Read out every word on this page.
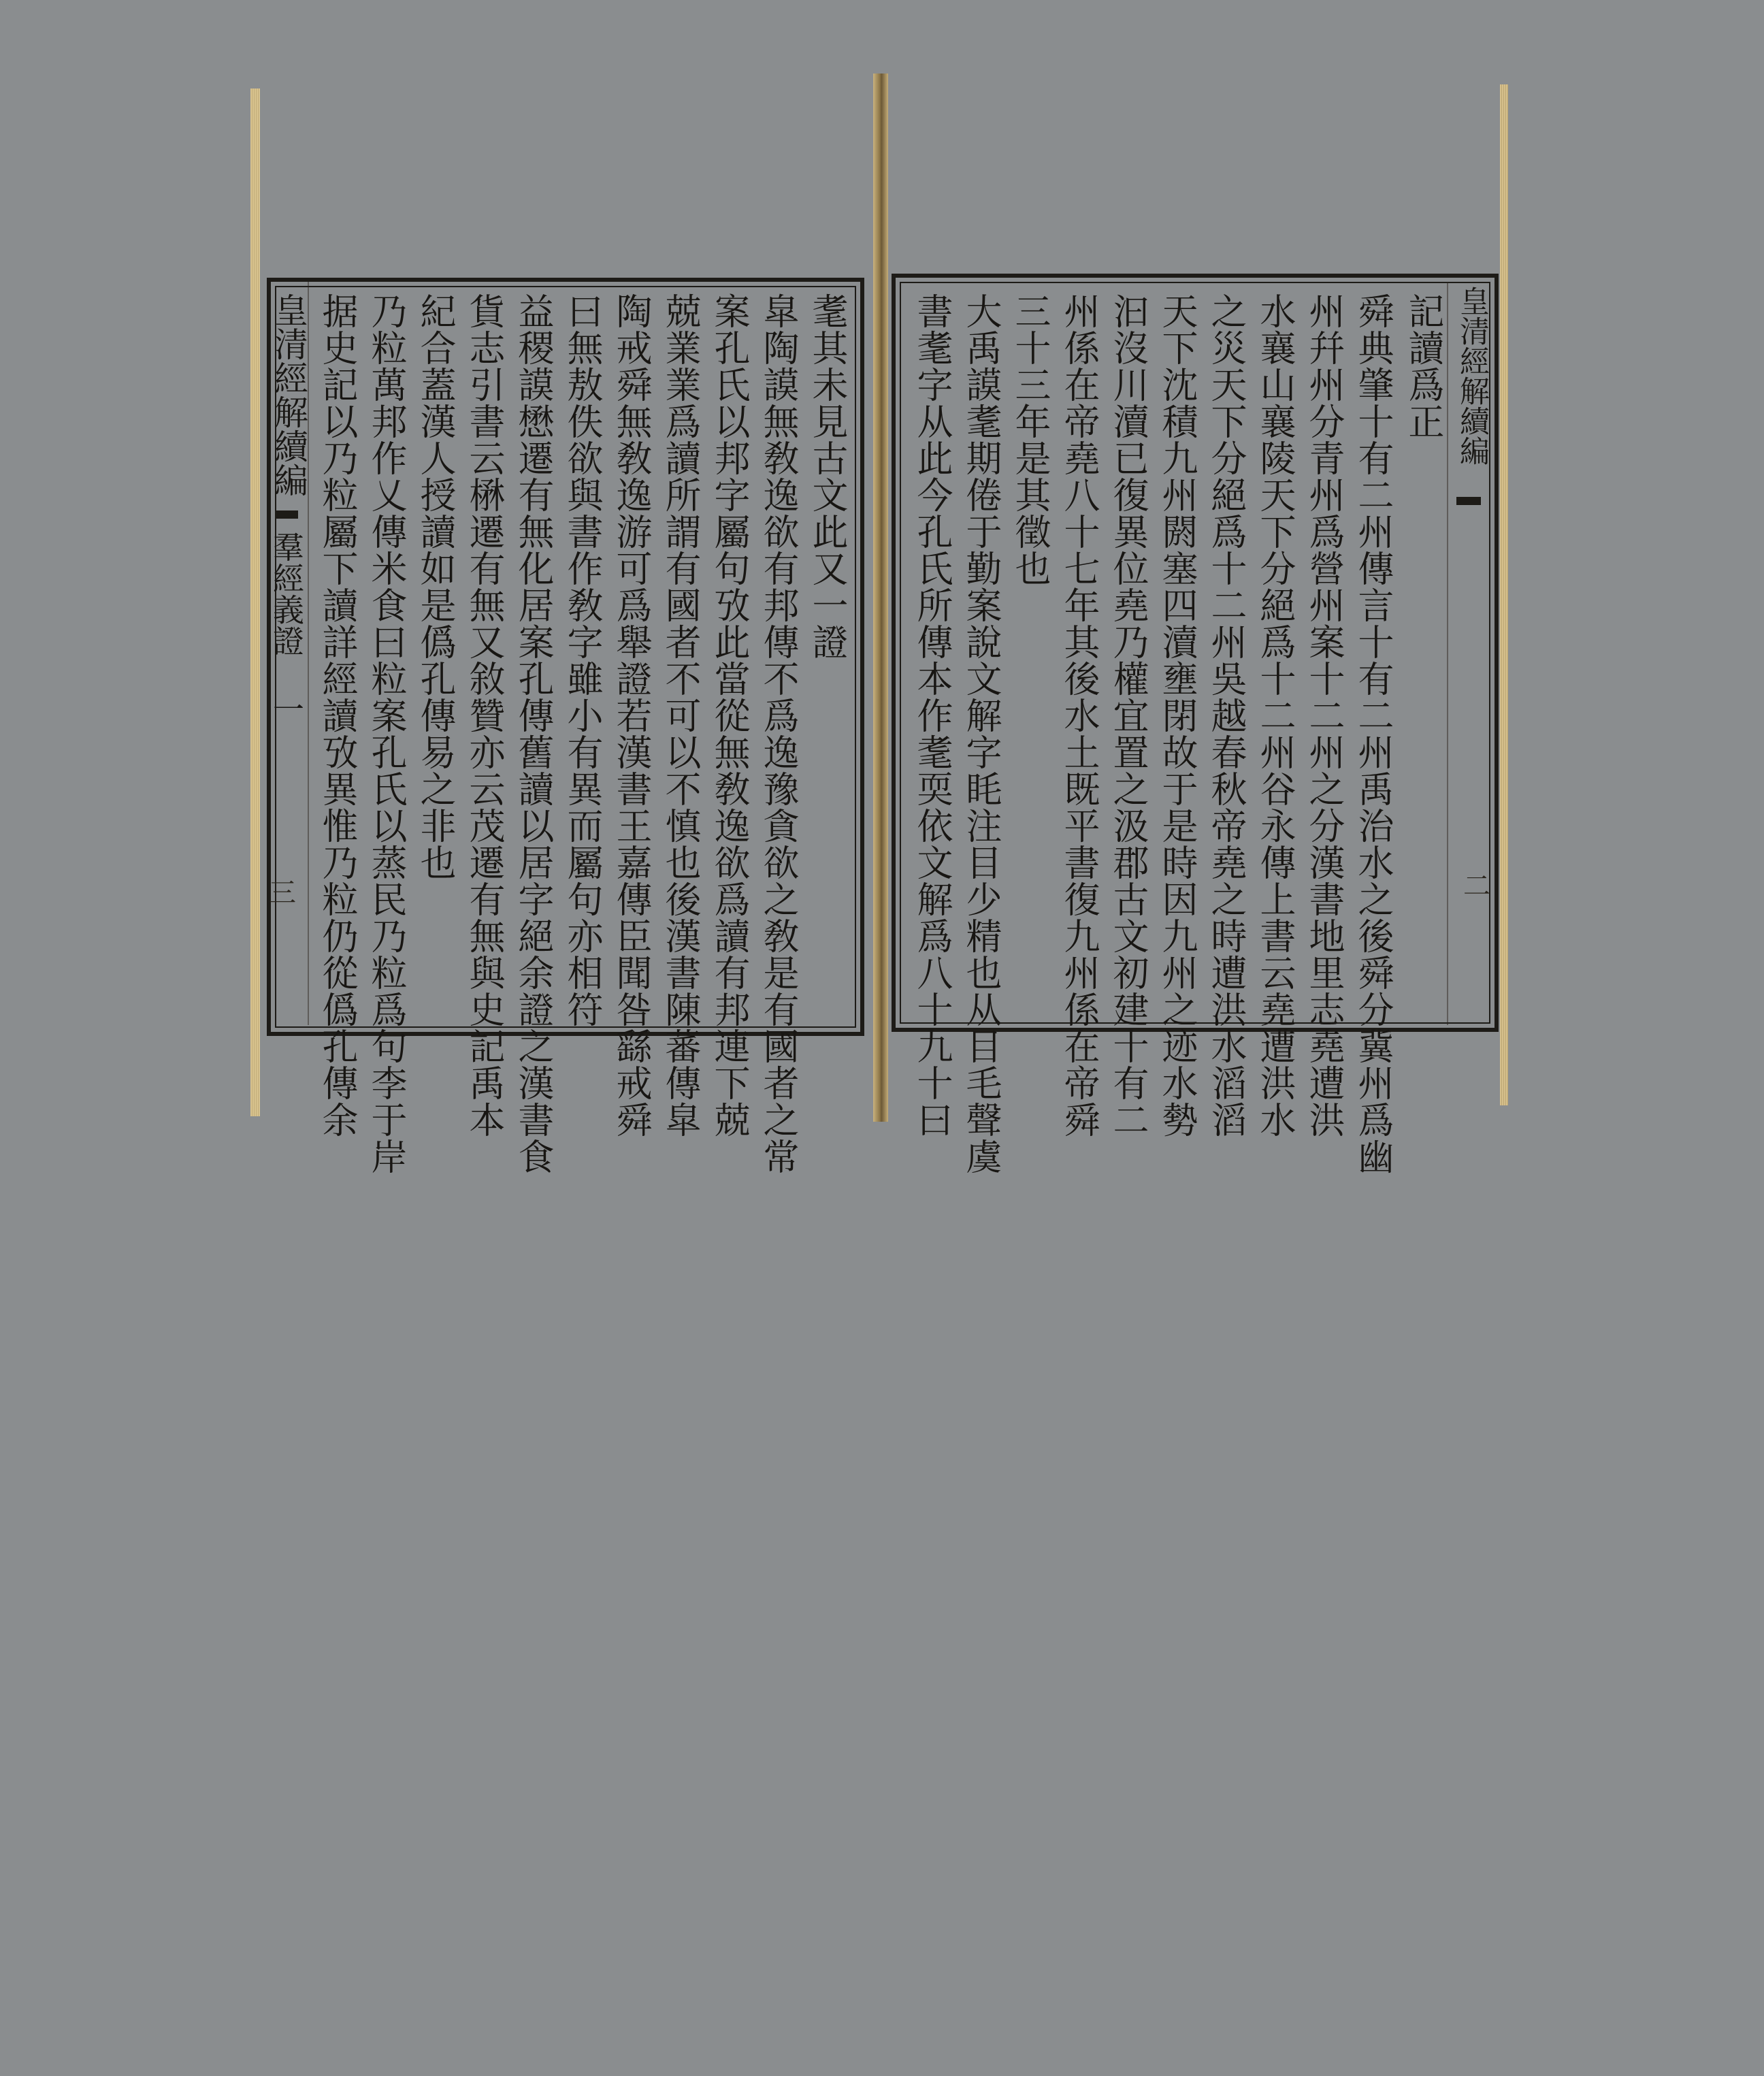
皇清經解續編
羣經義證 一
三
皇清經解續編
二
記讀爲正
舜典肇十有二州傳言十有二州禹治水之後舜分冀州爲幽
州幷州分青州爲營州案十二州之分漢書地里志堯遭洪
水襄山襄陵天下分絕爲十二州谷永傳上書云堯遭洪水
之災天下分絕爲十二州吳越春秋帝堯之時遭洪水滔滔
天下沈積九州閼塞四瀆壅閉故于是時因九州之迹水勢
汩沒川瀆已復異位堯乃權宜置之汲郡古文初建十有二
州係在帝堯八十七年其後水土既平書復九州係在帝舜
三十三年是其徵也
大禹謨耄期倦于勤案說文解字眊注目少精也从目毛聲虞
書耄字从此今孔氏所傳本作耄耎依文解爲八十九十曰
耄其未見古文此又一證
皐陶謨無敎逸欲有邦傳不爲逸豫貪欲之敎是有國者之常
案孔氏以邦字屬句攷此當從無敎逸欲爲讀有邦連下兢
兢業業爲讀所謂有國者不可以不慎也後漢書陳蕃傳皐
陶戒舜無敎逸游可爲舉證若漢書王嘉傳臣聞咎繇戒舜
曰無敖佚欲與書作敎字雖小有異而屬句亦相符
益稷謨懋遷有無化居案孔傳舊讀以居字絕余證之漢書食
貨志引書云楙遷有無又敘贊亦云茂遷有無與史記禹本
紀合蓋漢人授讀如是僞孔傳易之非也
乃粒萬邦作乂傳米食曰粒案孔氏以蒸民乃粒爲句李于岸
据史記以乃粒屬下讀詳經讀攷異惟乃粒仍從僞孔傳余
